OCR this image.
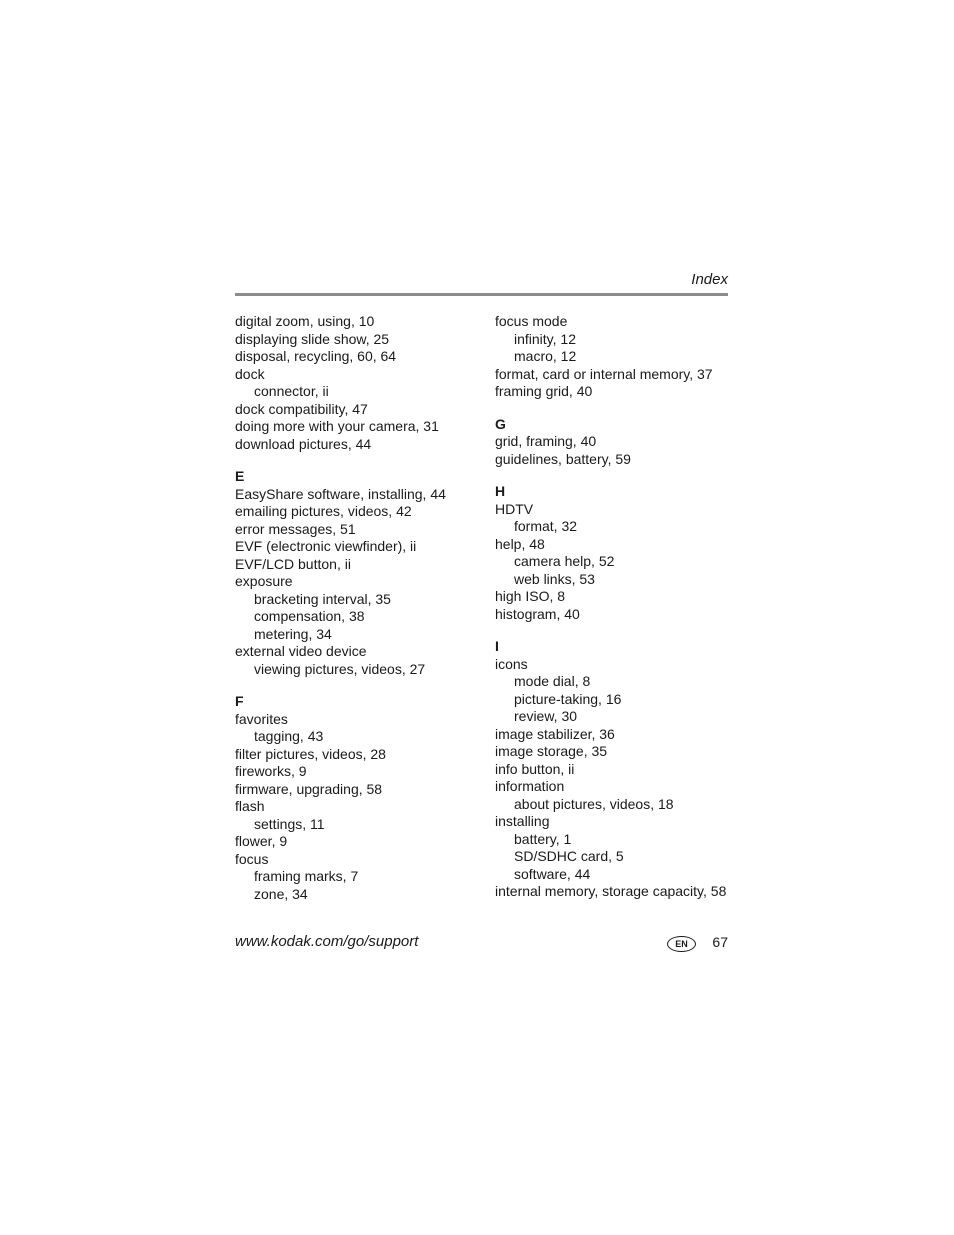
Index
digital zoom, using, 10
displaying slide show, 25
disposal, recycling, 60, 64
dock
connector, ii
dock compatibility, 47
doing more with your camera, 31
download pictures, 44
E
EasyShare software, installing, 44
emailing pictures, videos, 42
error messages, 51
EVF (electronic viewfinder), ii
EVF/LCD button, ii
exposure
bracketing interval, 35
compensation, 38
metering, 34
external video device
viewing pictures, videos, 27
F
favorites
tagging, 43
filter pictures, videos, 28
fireworks, 9
firmware, upgrading, 58
flash
settings, 11
flower, 9
focus
framing marks, 7
zone, 34
focus mode
infinity, 12
macro, 12
format, card or internal memory, 37
framing grid, 40
G
grid, framing, 40
guidelines, battery, 59
H
HDTV
format, 32
help, 48
camera help, 52
web links, 53
high ISO, 8
histogram, 40
I
icons
mode dial, 8
picture-taking, 16
review, 30
image stabilizer, 36
image storage, 35
info button, ii
information
about pictures, videos, 18
installing
battery, 1
SD/SDHC card, 5
software, 44
internal memory, storage capacity, 58
www.kodak.com/go/support	EN	67
